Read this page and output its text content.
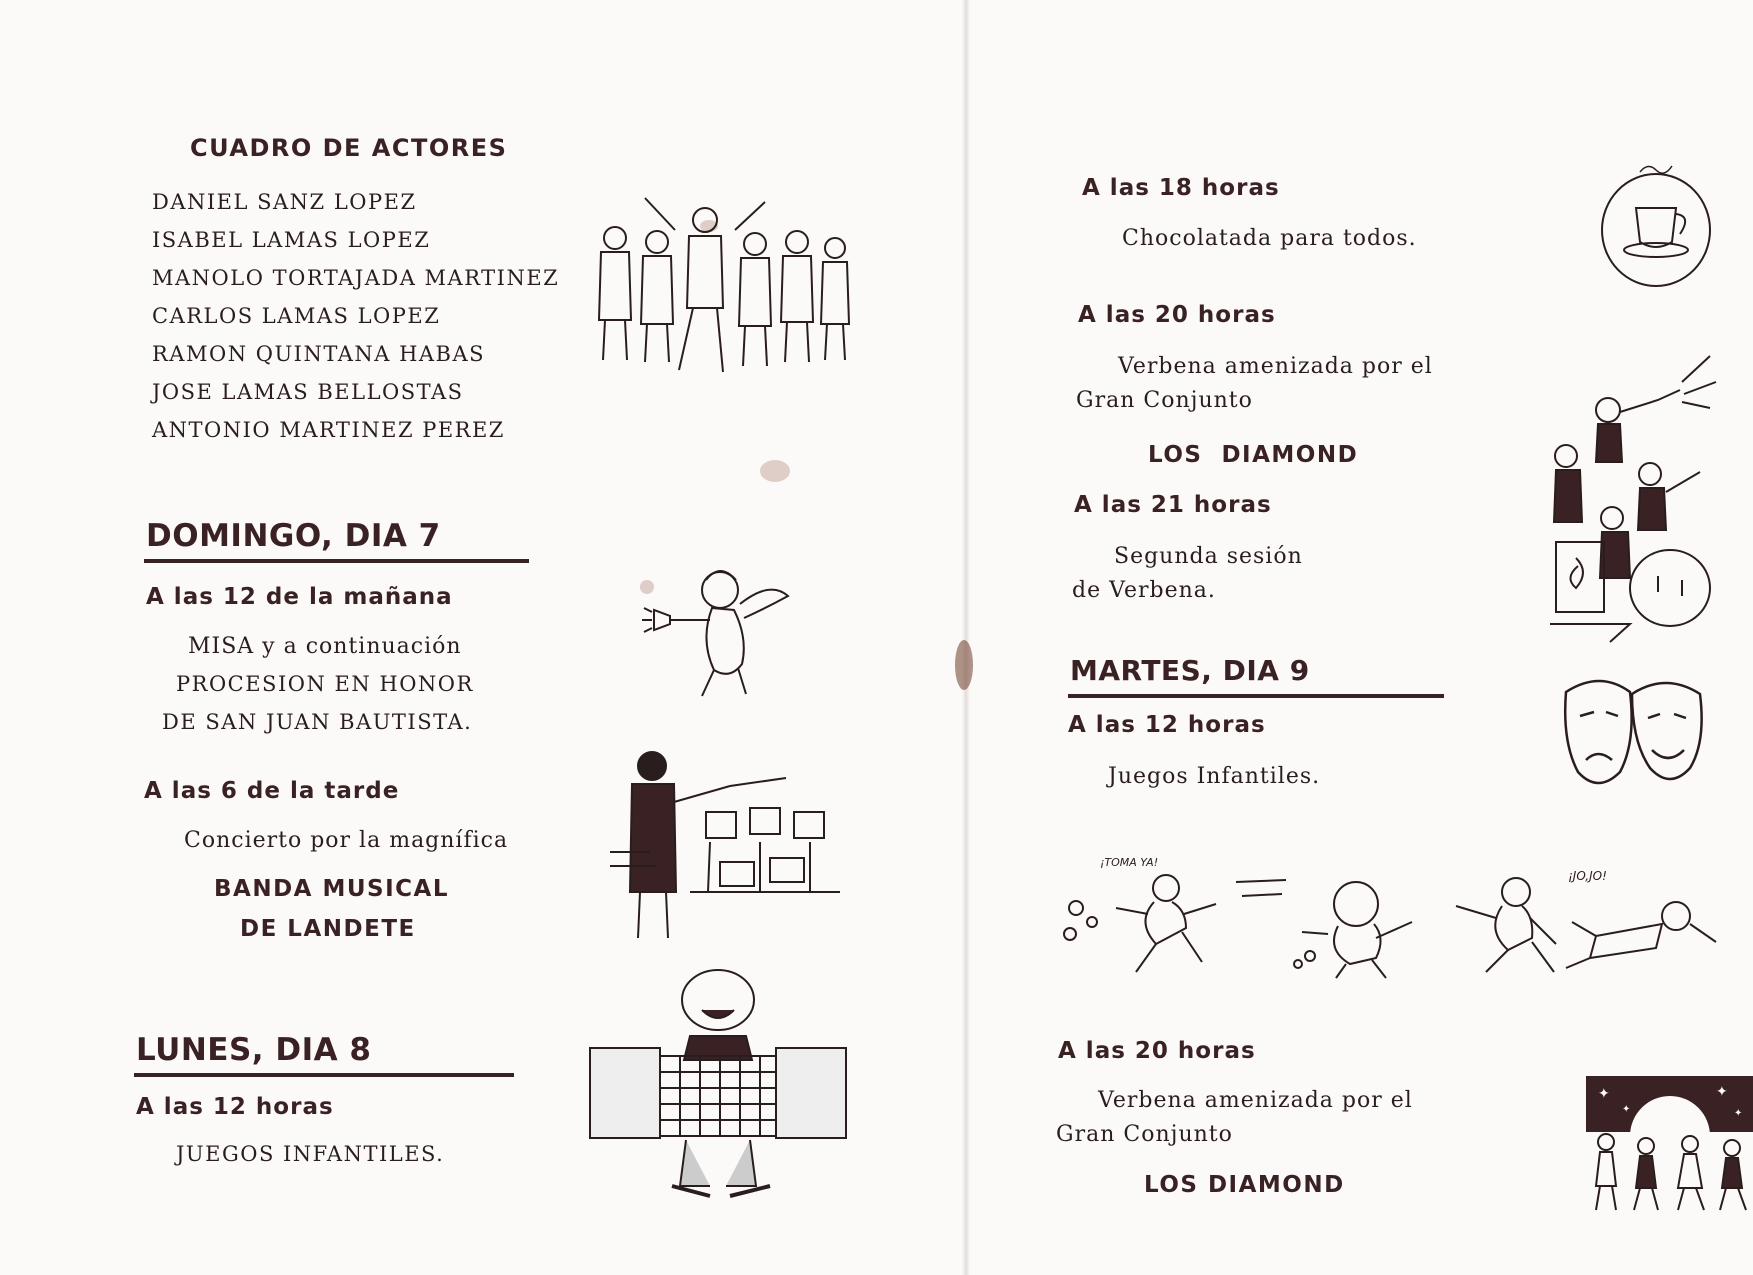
CUADRO DE ACTORES
DANIEL SANZ LOPEZ
ISABEL LAMAS LOPEZ
MANOLO TORTAJADA MARTINEZ
CARLOS LAMAS LOPEZ
RAMON QUINTANA HABAS
JOSE LAMAS BELLOSTAS
ANTONIO MARTINEZ PEREZ
DOMINGO, DIA 7
A las 12 de la mañana
MISA y a continuación
PROCESION EN HONOR
DE SAN JUAN BAUTISTA.
A las 6 de la tarde
Concierto por la magnífica
BANDA MUSICAL
DE LANDETE
LUNES, DIA 8
A las 12 horas
JUEGOS INFANTILES.
A las 18 horas
Chocolatada para todos.
A las 20 horas
Verbena amenizada por el
Gran Conjunto
LOS  DIAMOND
A las 21 horas
Segunda sesión
de Verbena.
MARTES, DIA 9
A las 12 horas
Juegos Infantiles.
A las 20 horas
Verbena amenizada por el
Gran Conjunto
LOS DIAMOND
¡TOMA YA!
¡JO,JO!
✦	✦
✦	✦
